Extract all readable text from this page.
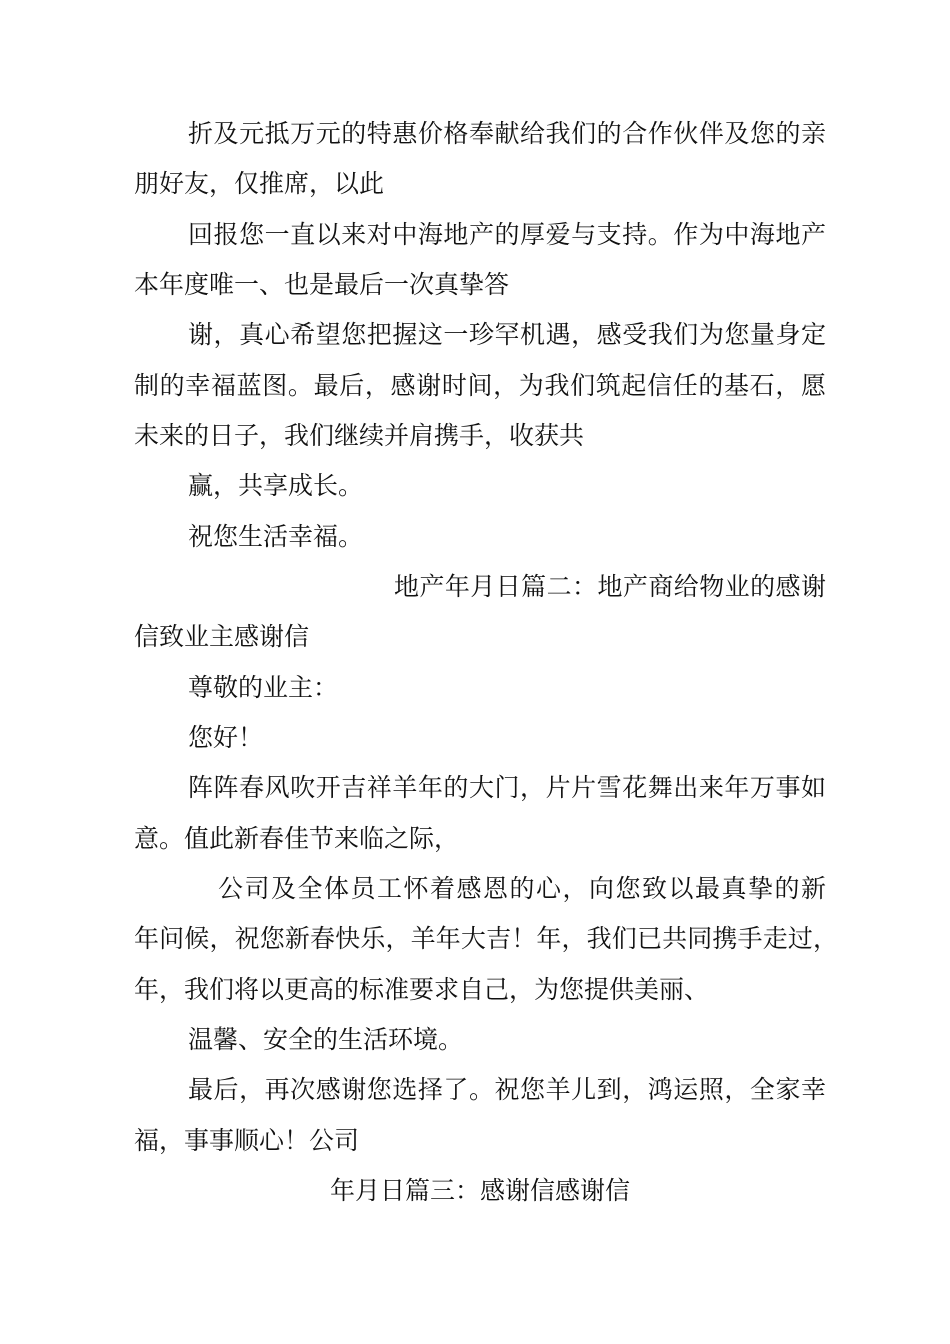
折及元抵万元的特惠价格奉献给我们的合作伙伴及您的亲
朋好友，仅推席，以此
回报您一直以来对中海地产的厚爱与支持。作为中海地产
本年度唯一、也是最后一次真挚答
谢，真心希望您把握这一珍罕机遇，感受我们为您量身定
制的幸福蓝图。最后，感谢时间，为我们筑起信任的基石，愿
未来的日子，我们继续并肩携手，收获共
赢，共享成长。
祝您生活幸福。
地产年月日篇二：地产商给物业的感谢
信致业主感谢信
尊敬的业主：
您好！
阵阵春风吹开吉祥羊年的大门，片片雪花舞出来年万事如
意。值此新春佳节来临之际，
公司及全体员工怀着感恩的心，向您致以最真挚的新
年问候，祝您新春快乐，羊年大吉！年，我们已共同携手走过，
年，我们将以更高的标准要求自己，为您提供美丽、
温馨、安全的生活环境。
最后，再次感谢您选择了。祝您羊儿到，鸿运照，全家幸
福，事事顺心！公司
年月日篇三：感谢信感谢信
